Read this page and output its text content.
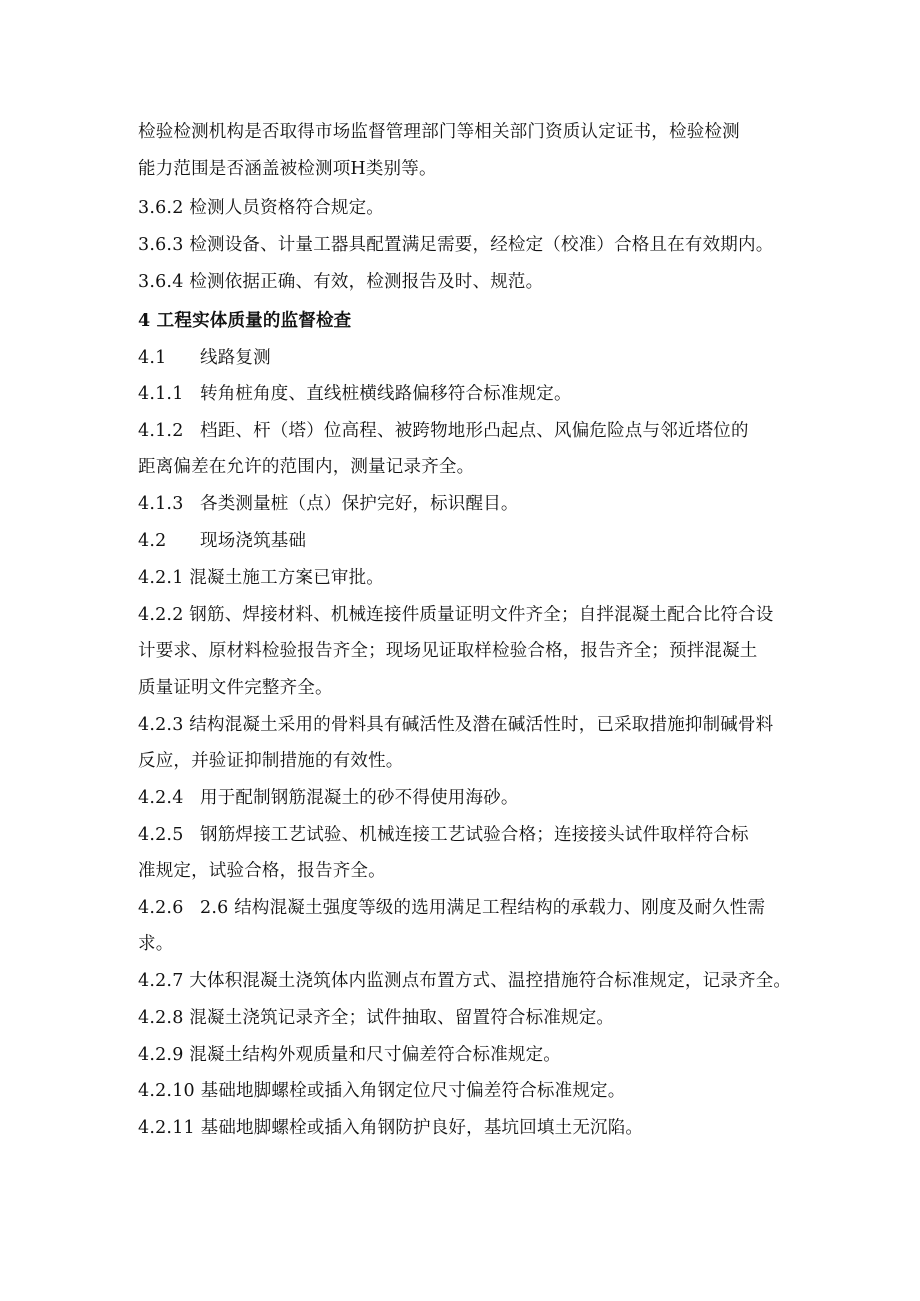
检验检测机构是否取得市场监督管理部门等相关部门资质认定证书，检验检测
能力范围是否涵盖被检测项H类别等。
3.6.2 检测人员资格符合规定。
3.6.3 检测设备、计量工器具配置满足需要，经检定（校准）合格且在有效期内。
3.6.4 检测依据正确、有效，检测报告及时、规范。
4 工程实体质量的监督检查
4.1 线路复测
4.1.1 转角桩角度、直线桩横线路偏移符合标准规定。
4.1.2 档距、杆（塔）位高程、被跨物地形凸起点、风偏危险点与邻近塔位的
距离偏差在允许的范围内，测量记录齐全。
4.1.3 各类测量桩（点）保护完好，标识醒目。
4.2 现场浇筑基础
4.2.1 混凝土施工方案已审批。
4.2.2 钢筋、焊接材料、机械连接件质量证明文件齐全；自拌混凝土配合比符合设
计要求、原材料检验报告齐全；现场见证取样检验合格，报告齐全；预拌混凝土
质量证明文件完整齐全。
4.2.3 结构混凝土采用的骨料具有碱活性及潜在碱活性时，已采取措施抑制碱骨料
反应，并验证抑制措施的有效性。
4.2.4 用于配制钢筋混凝土的砂不得使用海砂。
4.2.5 钢筋焊接工艺试验、机械连接工艺试验合格；连接接头试件取样符合标
准规定，试验合格，报告齐全。
4.2.6 2.6 结构混凝土强度等级的选用满足工程结构的承载力、刚度及耐久性需
求。
4.2.7 大体积混凝土浇筑体内监测点布置方式、温控措施符合标准规定，记录齐全。
4.2.8 混凝土浇筑记录齐全；试件抽取、留置符合标准规定。
4.2.9 混凝土结构外观质量和尺寸偏差符合标准规定。
4.2.10 基础地脚螺栓或插入角钢定位尺寸偏差符合标准规定。
4.2.11 基础地脚螺栓或插入角钢防护良好，基坑回填土无沉陷。
